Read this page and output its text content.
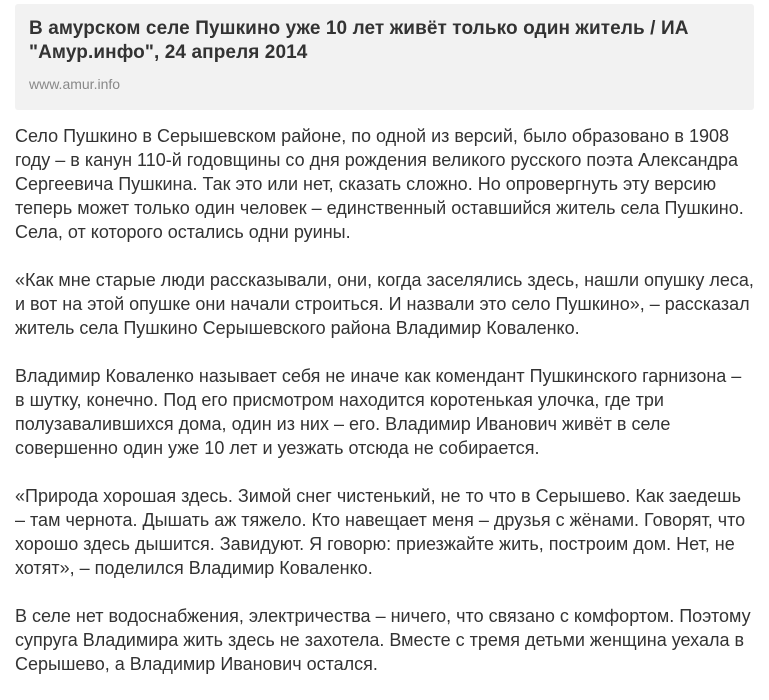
В амурском селе Пушкино уже 10 лет живёт только один житель / ИА "Амур.инфо", 24 апреля 2014
www.amur.info

Село Пушкино в Серышевском районе, по одной из версий, было образовано в 1908 году – в канун 110-й годовщины со дня рождения великого русского поэта Александра Сергеевича Пушкина. Так это или нет, сказать сложно. Но опровергнуть эту версию теперь может только один человек – единственный оставшийся житель села Пушкино. Села, от которого остались одни руины.

«Как мне старые люди рассказывали, они, когда заселялись здесь, нашли опушку леса, и вот на этой опушке они начали строиться. И назвали это село Пушкино», – рассказал житель села Пушкино Серышевского района Владимир Коваленко.

Владимир Коваленко называет себя не иначе как комендант Пушкинского гарнизона – в шутку, конечно. Под его присмотром находится коротенькая улочка, где три полузавалившихся дома, один из них – его. Владимир Иванович живёт в селе совершенно один уже 10 лет и уезжать отсюда не собирается.

«Природа хорошая здесь. Зимой снег чистенький, не то что в Серышево. Как заедешь – там чернота. Дышать аж тяжело. Кто навещает меня – друзья с жёнами. Говорят, что хорошо здесь дышится. Завидуют. Я говорю: приезжайте жить, построим дом. Нет, не хотят», – поделился Владимир Коваленко.

В селе нет водоснабжения, электричества – ничего, что связано с комфортом. Поэтому супруга Владимира жить здесь не захотела. Вместе с тремя детьми женщина уехала в Серышево, а Владимир Иванович остался.
